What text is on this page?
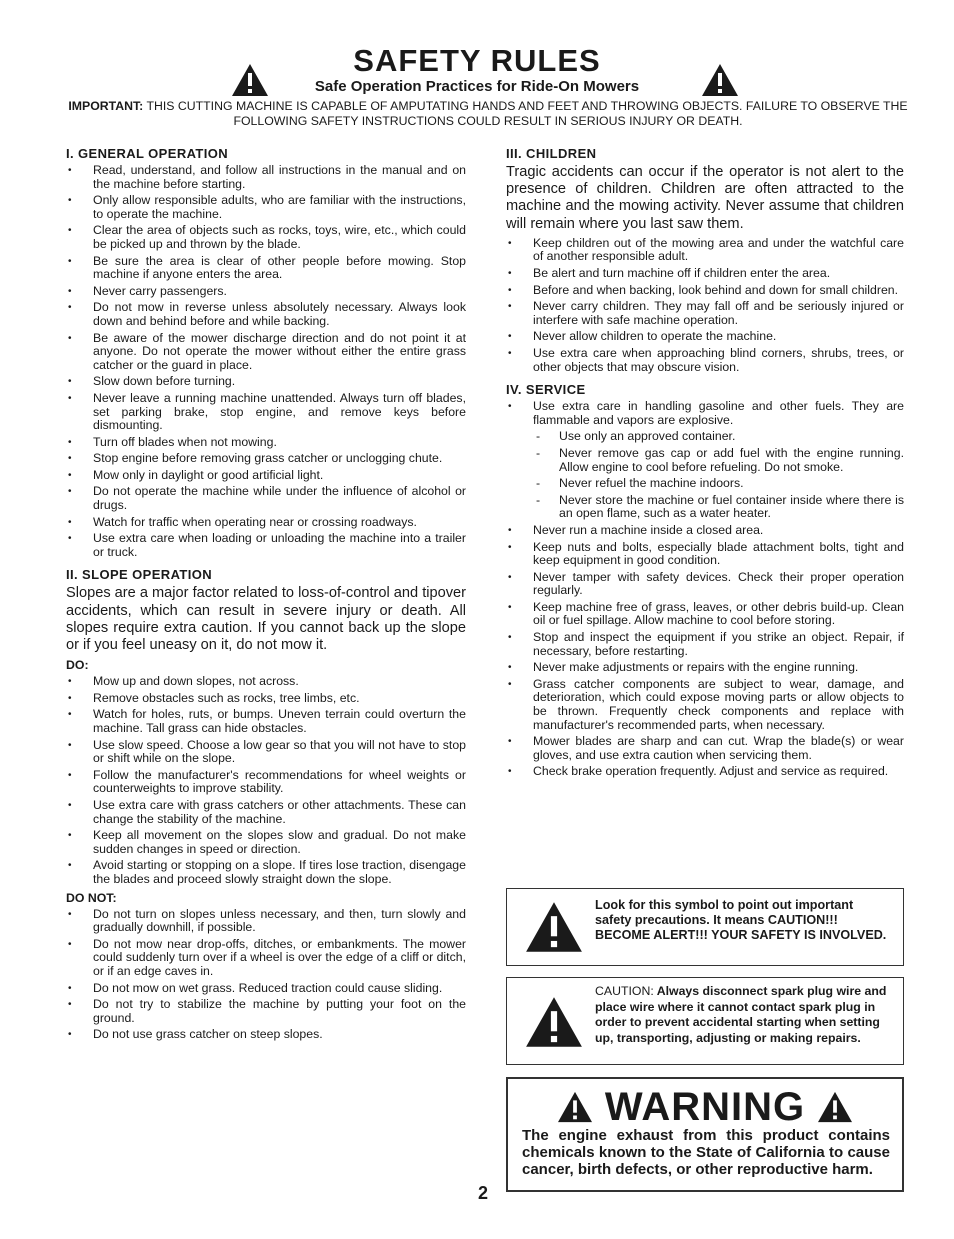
SAFETY RULES
Safe Operation Practices for Ride-On Mowers
IMPORTANT: THIS CUTTING MACHINE IS CAPABLE OF AMPUTATING HANDS AND FEET AND THROWING OBJECTS. FAILURE TO OBSERVE THE FOLLOWING SAFETY INSTRUCTIONS COULD RESULT IN SERIOUS INJURY OR DEATH.
I. GENERAL OPERATION
• Read, understand, and follow all instructions in the manual and on the machine before starting.
• Only allow responsible adults, who are familiar with the instructions, to operate the machine.
• Clear the area of objects such as rocks, toys, wire, etc., which could be picked up and thrown by the blade.
• Be sure the area is clear of other people before mowing. Stop machine if anyone enters the area.
• Never carry passengers.
• Do not mow in reverse unless absolutely necessary. Always look down and behind before and while backing.
• Be aware of the mower discharge direction and do not point it at anyone. Do not operate the mower without either the entire grass catcher or the guard in place.
• Slow down before turning.
• Never leave a running machine unattended. Always turn off blades, set parking brake, stop engine, and remove keys before dismounting.
• Turn off blades when not mowing.
• Stop engine before removing grass catcher or unclogging chute.
• Mow only in daylight or good artificial light.
• Do not operate the machine while under the influence of alcohol or drugs.
• Watch for traffic when operating near or crossing roadways.
• Use extra care when loading or unloading the machine into a trailer or truck.
II. SLOPE OPERATION
Slopes are a major factor related to loss-of-control and tipover accidents, which can result in severe injury or death. All slopes require extra caution. If you cannot back up the slope or if you feel uneasy on it, do not mow it.
DO:
• Mow up and down slopes, not across.
• Remove obstacles such as rocks, tree limbs, etc.
• Watch for holes, ruts, or bumps. Uneven terrain could overturn the machine. Tall grass can hide obstacles.
• Use slow speed. Choose a low gear so that you will not have to stop or shift while on the slope.
• Follow the manufacturer's recommendations for wheel weights or counterweights to improve stability.
• Use extra care with grass catchers or other attachments. These can change the stability of the machine.
• Keep all movement on the slopes slow and gradual. Do not make sudden changes in speed or direction.
• Avoid starting or stopping on a slope. If tires lose traction, disengage the blades and proceed slowly straight down the slope.
DO NOT:
• Do not turn on slopes unless necessary, and then, turn slowly and gradually downhill, if possible.
• Do not mow near drop-offs, ditches, or embankments. The mower could suddenly turn over if a wheel is over the edge of a cliff or ditch, or if an edge caves in.
• Do not mow on wet grass. Reduced traction could cause sliding.
• Do not try to stabilize the machine by putting your foot on the ground.
• Do not use grass catcher on steep slopes.
III. CHILDREN
Tragic accidents can occur if the operator is not alert to the presence of children. Children are often attracted to the machine and the mowing activity. Never assume that children will remain where you last saw them.
• Keep children out of the mowing area and under the watchful care of another responsible adult.
• Be alert and turn machine off if children enter the area.
• Before and when backing, look behind and down for small children.
• Never carry children. They may fall off and be seriously injured or interfere with safe machine operation.
• Never allow children to operate the machine.
• Use extra care when approaching blind corners, shrubs, trees, or other objects that may obscure vision.
IV. SERVICE
• Use extra care in handling gasoline and other fuels. They are flammable and vapors are explosive.
- Use only an approved container.
- Never remove gas cap or add fuel with the engine running. Allow engine to cool before refueling. Do not smoke.
- Never refuel the machine indoors.
- Never store the machine or fuel container inside where there is an open flame, such as a water heater.
• Never run a machine inside a closed area.
• Keep nuts and bolts, especially blade attachment bolts, tight and keep equipment in good condition.
• Never tamper with safety devices. Check their proper operation regularly.
• Keep machine free of grass, leaves, or other debris build-up. Clean oil or fuel spillage. Allow machine to cool before storing.
• Stop and inspect the equipment if you strike an object. Repair, if necessary, before restarting.
• Never make adjustments or repairs with the engine running.
• Grass catcher components are subject to wear, damage, and deterioration, which could expose moving parts or allow objects to be thrown. Frequently check components and replace with manufacturer's recommended parts, when necessary.
• Mower blades are sharp and can cut. Wrap the blade(s) or wear gloves, and use extra caution when servicing them.
• Check brake operation frequently. Adjust and service as required.
Look for this symbol to point out important safety precautions. It means CAUTION!!! BECOME ALERT!!! YOUR SAFETY IS INVOLVED.
CAUTION: Always disconnect spark plug wire and place wire where it cannot contact spark plug in order to prevent accidental starting when setting up, transporting, adjusting or making repairs.
WARNING
The engine exhaust from this product contains chemicals known to the State of California to cause cancer, birth defects, or other reproductive harm.
2
